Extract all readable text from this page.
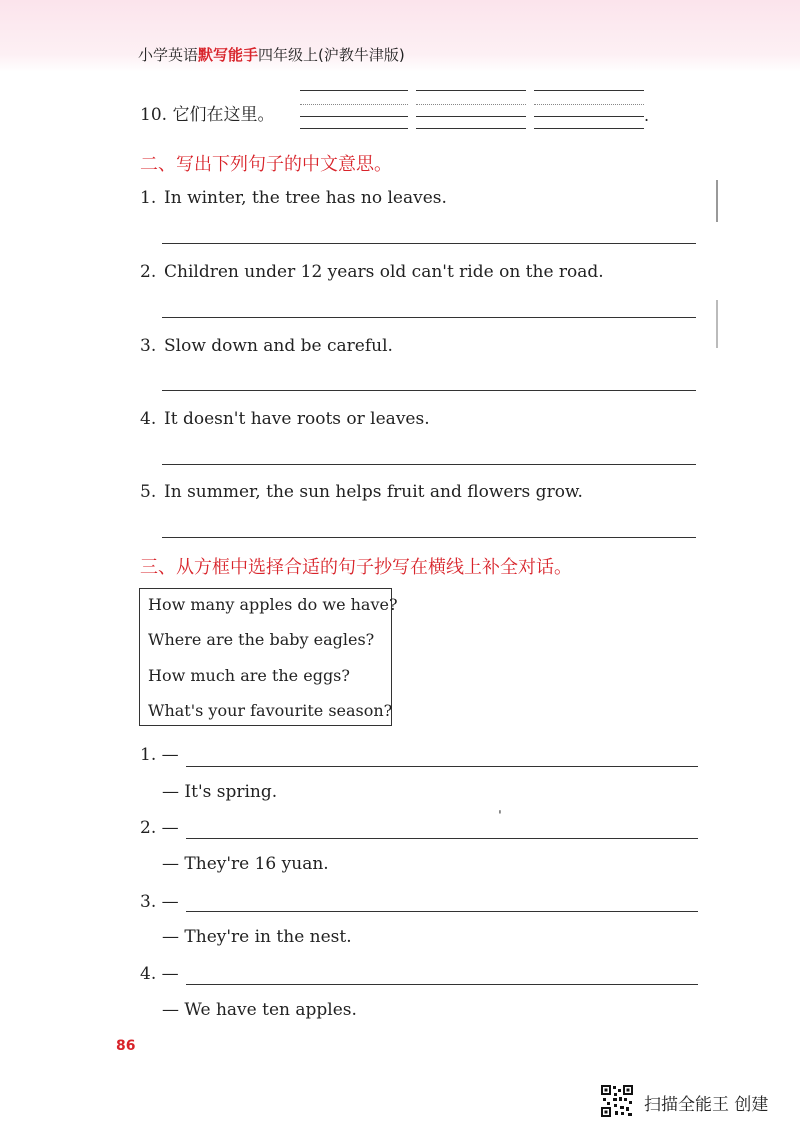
小学英语默写能手四年级上(沪教牛津版)
10. 它们在这里。	.
二、写出下列句子的中文意思。
1. In winter, the tree has no leaves.
2. Children under 12 years old can't ride on the road.
3. Slow down and be careful.
4. It doesn't have roots or leaves.
5. In summer, the sun helps fruit and flowers grow.
三、从方框中选择合适的句子抄写在横线上补全对话。
How many apples do we have?
Where are the baby eagles?
How much are the eggs?
What's your favourite season?
1. —
— It's spring.
2. —
— They're 16 yuan.
3. —
— They're in the nest.
4. —
— We have ten apples.
ˌ
86
扫描全能王 创建
